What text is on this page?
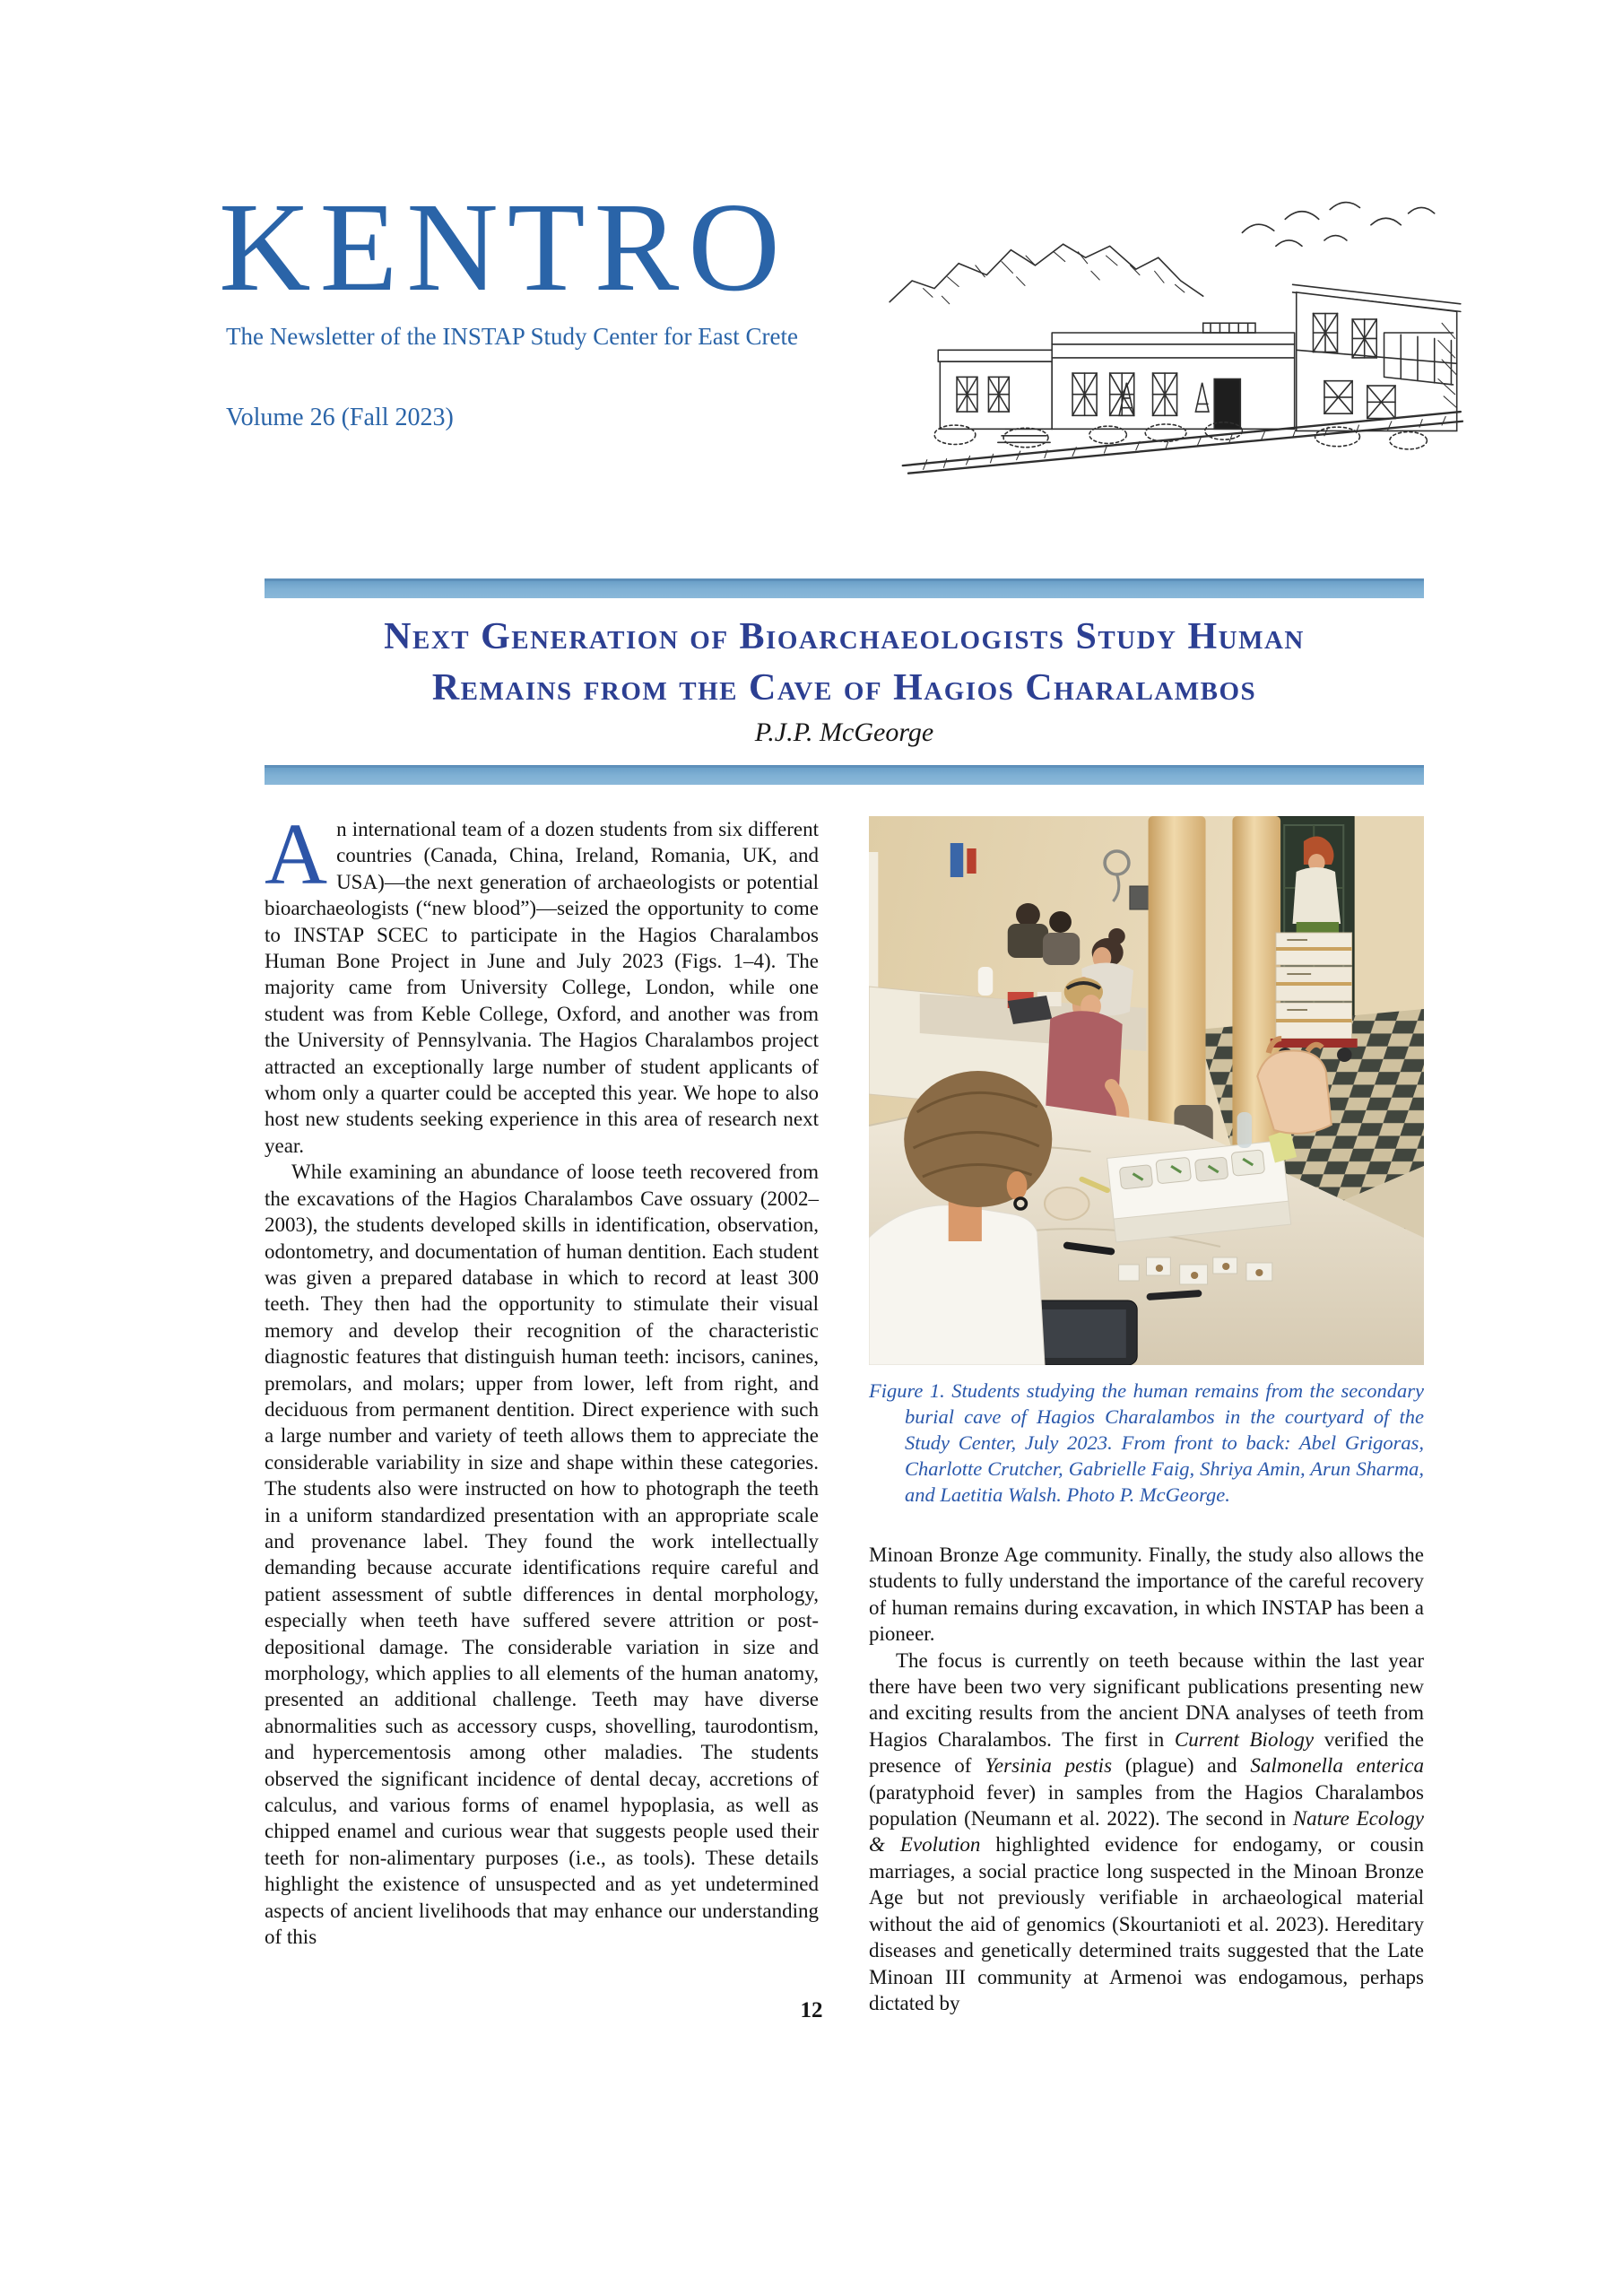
KENTRO
The Newsletter of the INSTAP Study Center for East Crete
Volume 26 (Fall 2023)
Next Generation of Bioarchaeologists Study Human
Remains from the Cave of Hagios Charalambos
P.J.P. McGeorge

An international team of a dozen students from six different countries (Canada, China, Ireland, Romania, UK, and USA)—the next generation of archaeologists or potential bioarchaeologists (“new blood”)—seized the opportunity to come to INSTAP SCEC to participate in the Hagios Charalambos Human Bone Project in June and July 2023 (Figs. 1–4). The majority came from University College, London, while one student was from Keble College, Oxford, and another was from the University of Pennsylvania. The Hagios Charalambos project attracted an exceptionally large number of student applicants of whom only a quarter could be accepted this year. We hope to also host new students seeking experience in this area of research next year.

While examining an abundance of loose teeth recovered from the excavations of the Hagios Charalambos Cave ossuary (2002–2003), the students developed skills in identification, observation, odontometry, and documentation of human dentition. Each student was given a prepared database in which to record at least 300 teeth. They then had the opportunity to stimulate their visual memory and develop their recognition of the characteristic diagnostic features that distinguish human teeth: incisors, canines, premolars, and molars; upper from lower, left from right, and deciduous from permanent dentition. Direct experience with such a large number and variety of teeth allows them to appreciate the considerable variability in size and shape within these categories. The students also were instructed on how to photograph the teeth in a uniform standardized presentation with an appropriate scale and provenance label. They found the work intellectually demanding because accurate identifications require careful and patient assessment of subtle differences in dental morphology, especially when teeth have suffered severe attrition or post-depositional damage. The considerable variation in size and morphology, which applies to all elements of the human anatomy, presented an additional challenge. Teeth may have diverse abnormalities such as accessory cusps, shovelling, taurodontism, and hypercementosis among other maladies. The students observed the significant incidence of dental decay, accretions of calculus, and various forms of enamel hypoplasia, as well as chipped enamel and curious wear that suggests people used their teeth for non-alimentary purposes (i.e., as tools). These details highlight the existence of unsuspected and as yet undetermined aspects of ancient livelihoods that may enhance our understanding of this

Figure 1. Students studying the human remains from the secondary burial cave of Hagios Charalambos in the courtyard of the Study Center, July 2023. From front to back: Abel Grigoras, Charlotte Crutcher, Gabrielle Faig, Shriya Amin, Arun Sharma, and Laetitia Walsh. Photo P. McGeorge.

Minoan Bronze Age community. Finally, the study also allows the students to fully understand the importance of the careful recovery of human remains during excavation, in which INSTAP has been a pioneer.

The focus is currently on teeth because within the last year there have been two very significant publications presenting new and exciting results from the ancient DNA analyses of teeth from Hagios Charalambos. The first in Current Biology verified the presence of Yersinia pestis (plague) and Salmonella enterica (paratyphoid fever) in samples from the Hagios Charalambos population (Neumann et al. 2022). The second in Nature Ecology & Evolution highlighted evidence for endogamy, or cousin marriages, a social practice long suspected in the Minoan Bronze Age but not previously verifiable in archaeological material without the aid of genomics (Skourtanioti et al. 2023). Hereditary diseases and genetically determined traits suggested that the Late Minoan III community at Armenoi was endogamous, perhaps dictated by

12
